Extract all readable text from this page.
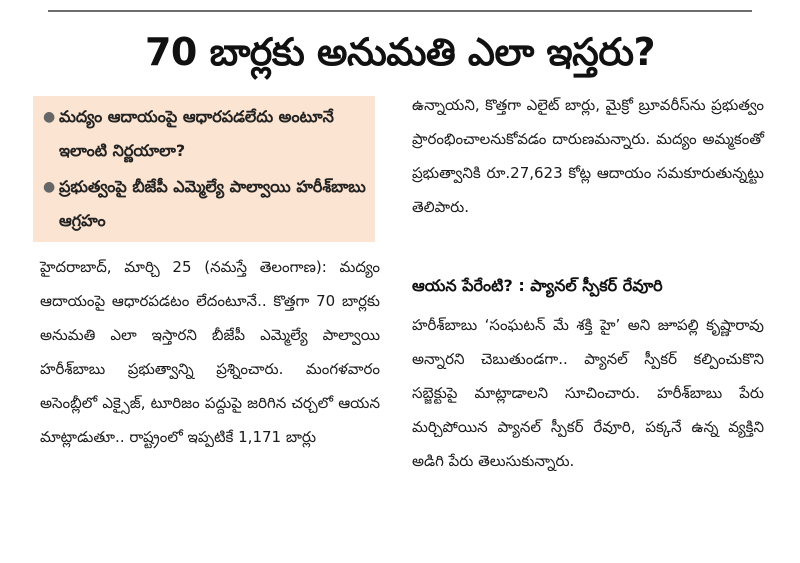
70 బార్లకు అనుమతి ఎలా ఇస్తరు?
● మద్యం ఆదాయంపై ఆధారపడలేదు అంటూనే ఇలాంటి నిర్ణయాలా?
● ప్రభుత్వంపై బీజేపీ ఎమ్మెల్యే పాల్వాయి హరీశ్‌బాబు ఆగ్రహం
హైదరాబాద్, మార్చి 25 (నమస్తే తెలంగాణ): మద్యం ఆదాయంపై ఆధారపడటం లేదంటూనే.. కొత్తగా 70 బార్లకు అనుమతి ఎలా ఇస్తారని బీజేపీ ఎమ్మెల్యే పాల్వాయి హరీశ్‌బాబు ప్రభుత్వాన్ని ప్రశ్నించారు. మంగళవారం అసెంబ్లీలో ఎక్సైజ్, టూరిజం పద్దుపై జరిగిన చర్చలో ఆయన మాట్లాడుతూ.. రాష్ట్రంలో ఇప్పటికే 1,171 బార్లు
ఉన్నాయని, కొత్తగా ఎలైట్ బార్లు, మైక్రో బ్రూవరీస్‌ను ప్రభుత్వం ప్రారంభించాలనుకోవడం దారుణమన్నారు. మద్యం అమ్మకంతో ప్రభుత్వానికి రూ.27,623 కోట్ల ఆదాయం సమకూరుతున్నట్టు తెలిపారు.
ఆయన పేరేంటి? : ప్యానల్ స్పీకర్ రేవూరి
హరీశ్‌బాబు ‘సంఘటన్ మే శక్తి హై’ అని జూపల్లి కృష్ణారావు అన్నారని చెబుతుండగా.. ప్యానల్ స్పీకర్ కల్పించుకొని సబ్జెక్టుపై మాట్లాడాలని సూచించారు. హరీశ్‌బాబు పేరు మర్చిపోయిన ప్యానల్ స్పీకర్ రేవూరి, పక్కనే ఉన్న వ్యక్తిని అడిగి పేరు తెలుసుకున్నారు.
